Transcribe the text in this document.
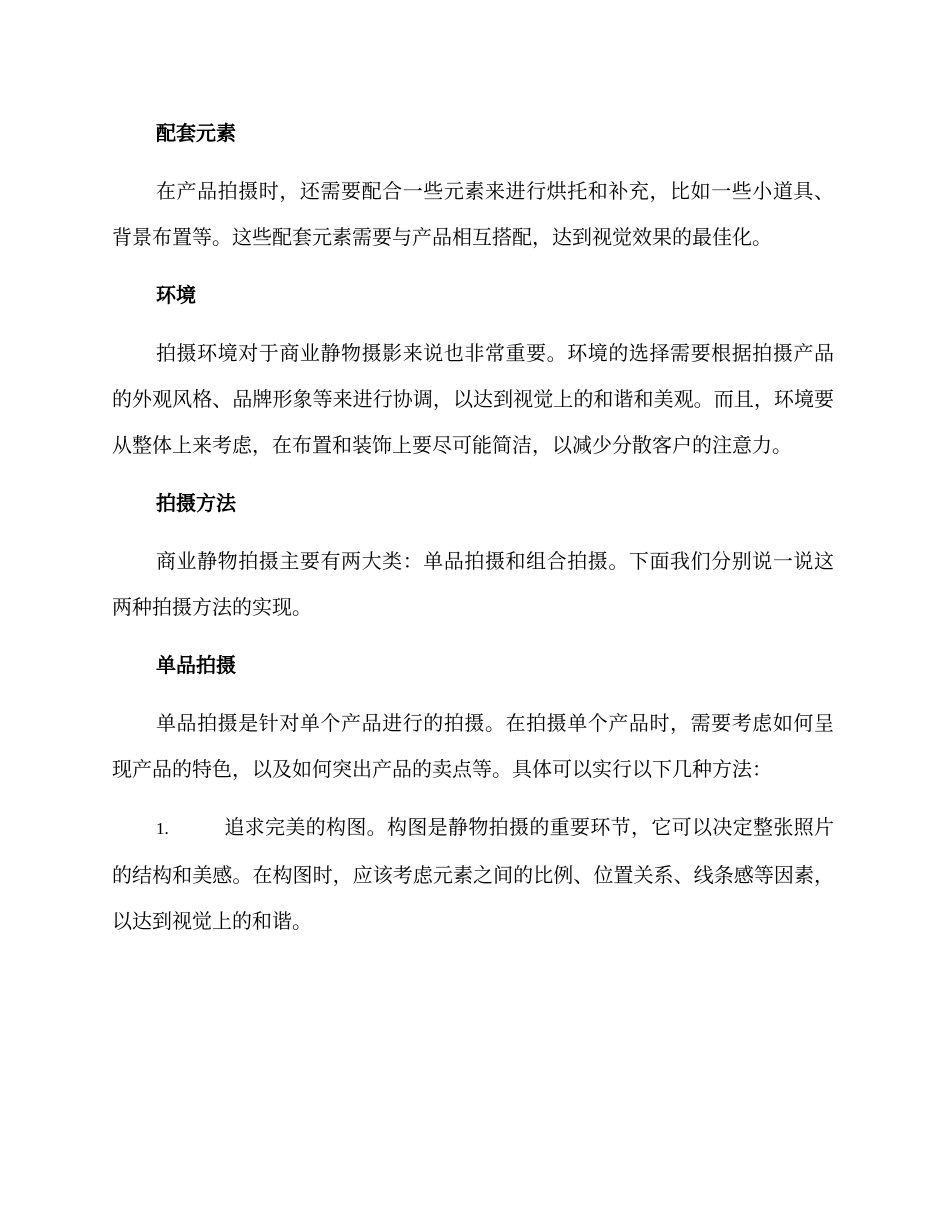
配套元素

在产品拍摄时，还需要配合一些元素来进行烘托和补充，比如一些小道具、背景布置等。这些配套元素需要与产品相互搭配，达到视觉效果的最佳化。

环境

拍摄环境对于商业静物摄影来说也非常重要。环境的选择需要根据拍摄产品的外观风格、品牌形象等来进行协调，以达到视觉上的和谐和美观。而且，环境要从整体上来考虑，在布置和装饰上要尽可能简洁，以减少分散客户的注意力。

拍摄方法

商业静物拍摄主要有两大类：单品拍摄和组合拍摄。下面我们分别说一说这两种拍摄方法的实现。

单品拍摄

单品拍摄是针对单个产品进行的拍摄。在拍摄单个产品时，需要考虑如何呈现产品的特色，以及如何突出产品的卖点等。具体可以实行以下几种方法：

1.	追求完美的构图。构图是静物拍摄的重要环节，它可以决定整张照片的结构和美感。在构图时，应该考虑元素之间的比例、位置关系、线条感等因素，以达到视觉上的和谐。
